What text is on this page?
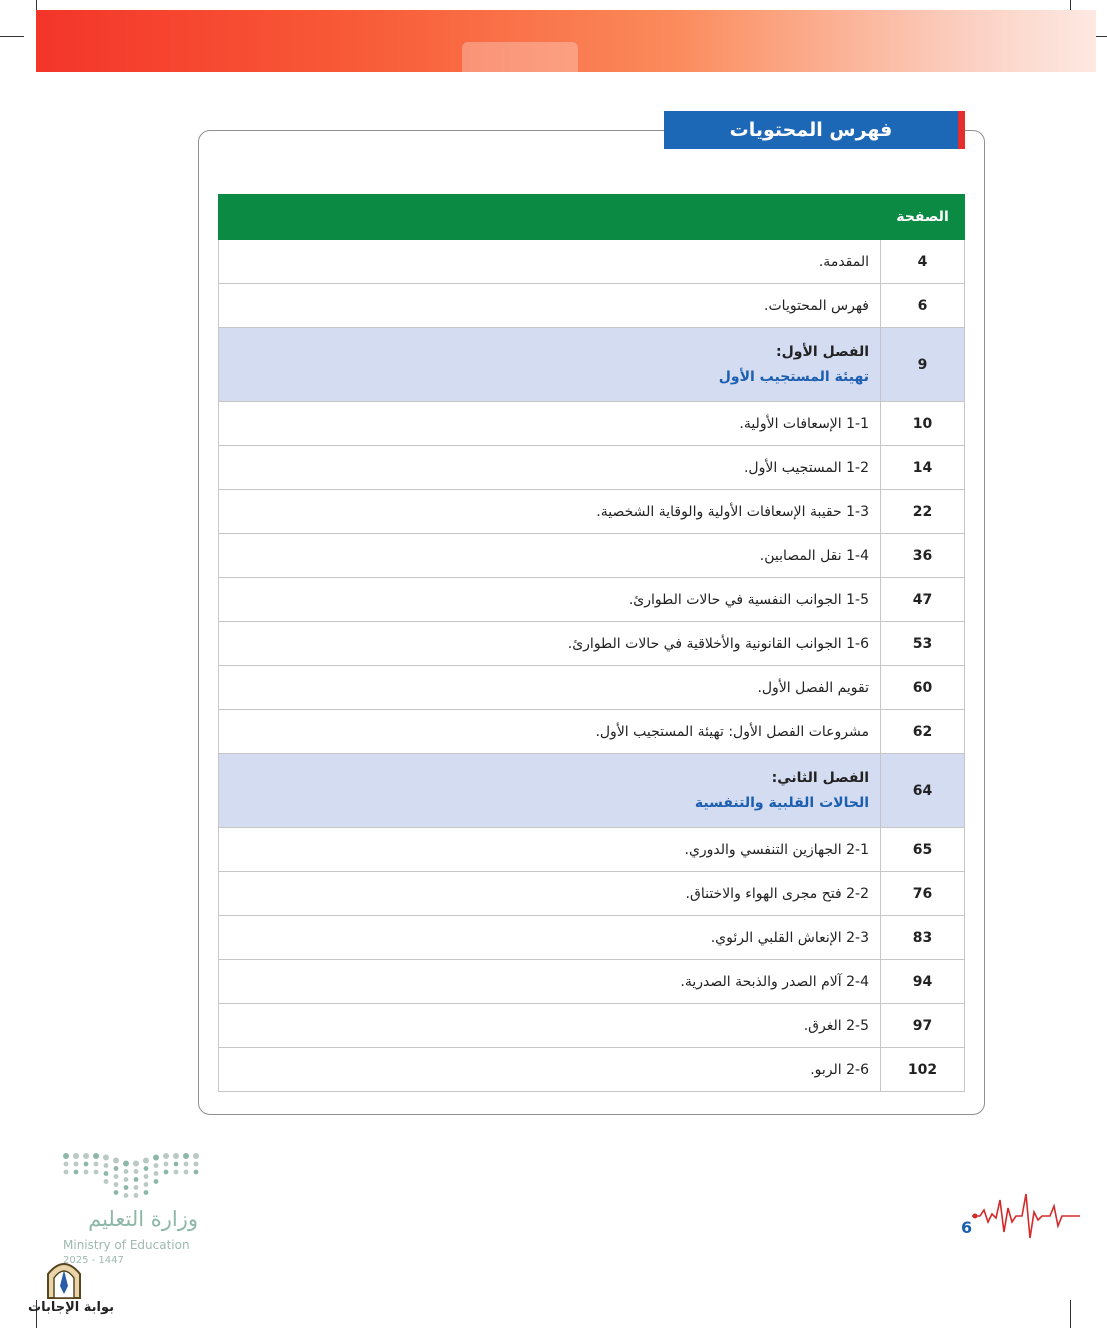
فهرس المحتويات
الصفحة	
4	المقدمة.
6	فهرس المحتويات.
9	الفصل الأول:
تهيئة المستجيب الأول

10	1-1 الإسعافات الأولية.
14	1-2 المستجيب الأول.
22	1-3 حقيبة الإسعافات الأولية والوقاية الشخصية.
36	1-4 نقل المصابين.
47	1-5 الجوانب النفسية في حالات الطوارئ.
53	1-6 الجوانب القانونية والأخلاقية في حالات الطوارئ.
60	تقويم الفصل الأول.
62	مشروعات الفصل الأول: تهيئة المستجيب الأول.
64	الفصل الثاني:
الحالات القلبية والتنفسية

65	2-1 الجهازين التنفسي والدوري.
76	2-2 فتح مجرى الهواء والاختناق.
83	2-3 الإنعاش القلبي الرئوي.
94	2-4 آلام الصدر والذبحة الصدرية.
97	2-5 الغرق.
102	2-6 الربو.
6
وزارة التعليم
Ministry of Education
2025 - 1447
بوابة الإجابات
